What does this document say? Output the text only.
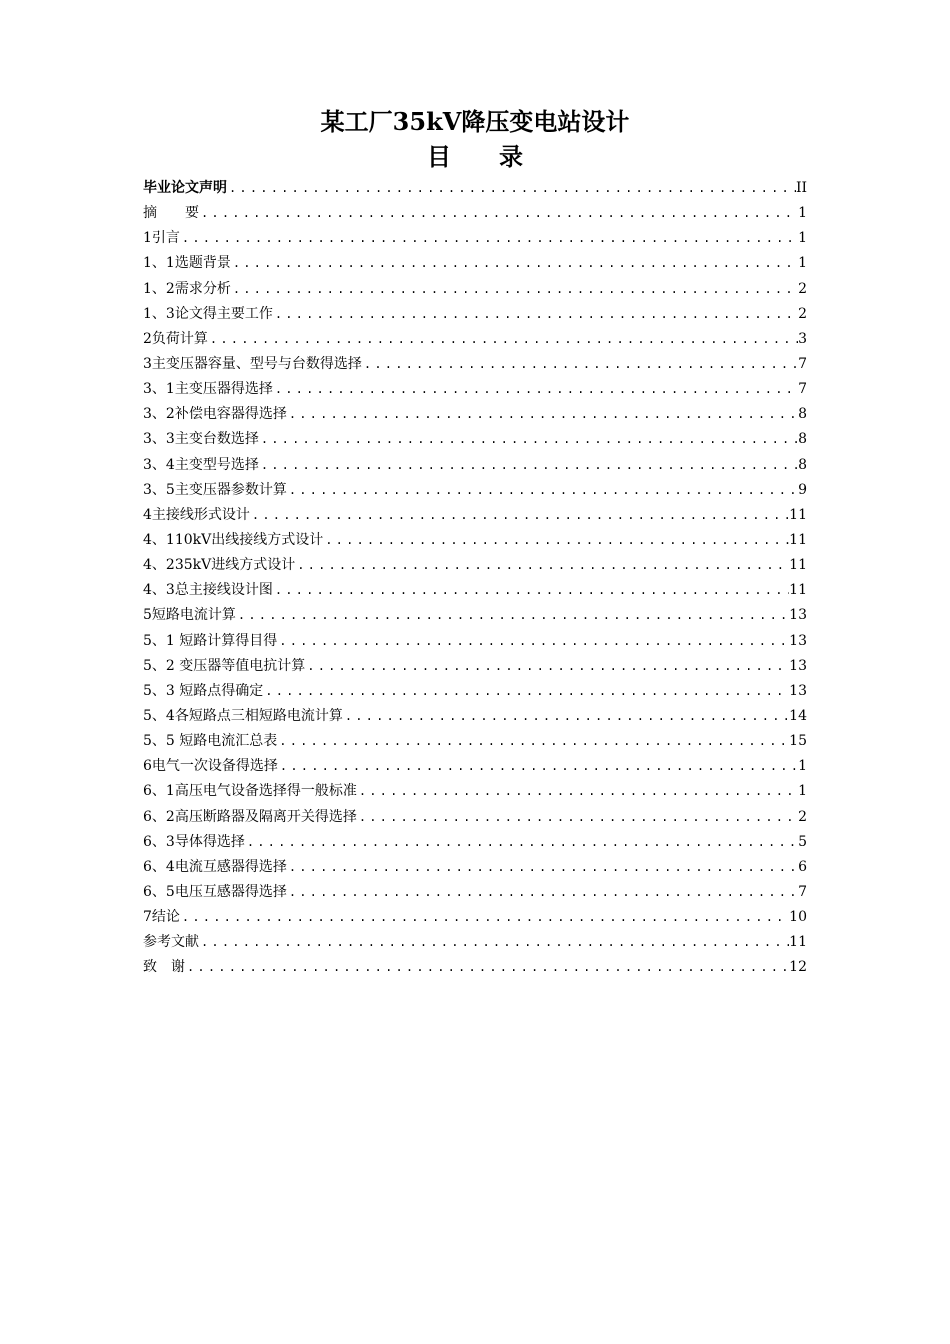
某工厂35kV降压变电站设计
目录
毕业论文声明 .....	II
摘　　要 .....	1
1引言 .....	1
1、1选题背景 .....	1
1、2需求分析 .....	2
1、3论文得主要工作 .....	2
2负荷计算 .....	3
3主变压器容量、型号与台数得选择 .....	7
3、1主变压器得选择 .....	7
3、2补偿电容器得选择 .....	8
3、3主变台数选择 .....	8
3、4主变型号选择 .....	8
3、5主变压器参数计算 .....	9
4主接线形式设计 .....	11
4、110kV出线接线方式设计 .....	11
4、235kV进线方式设计 .....	11
4、3总主接线设计图 .....	11
5短路电流计算 .....	13
5、1 短路计算得目得 .....	13
5、2 变压器等值电抗计算 .....	13
5、3 短路点得确定 .....	13
5、4各短路点三相短路电流计算 .....	14
5、5 短路电流汇总表 .....	15
6电气一次设备得选择 .....	1
6、1高压电气设备选择得一般标准 .....	1
6、2高压断路器及隔离开关得选择 .....	2
6、3导体得选择 .....	5
6、4电流互感器得选择 .....	6
6、5电压互感器得选择 .....	7
7结论 .....	10
参考文献 .....	11
致　谢 .....	12
